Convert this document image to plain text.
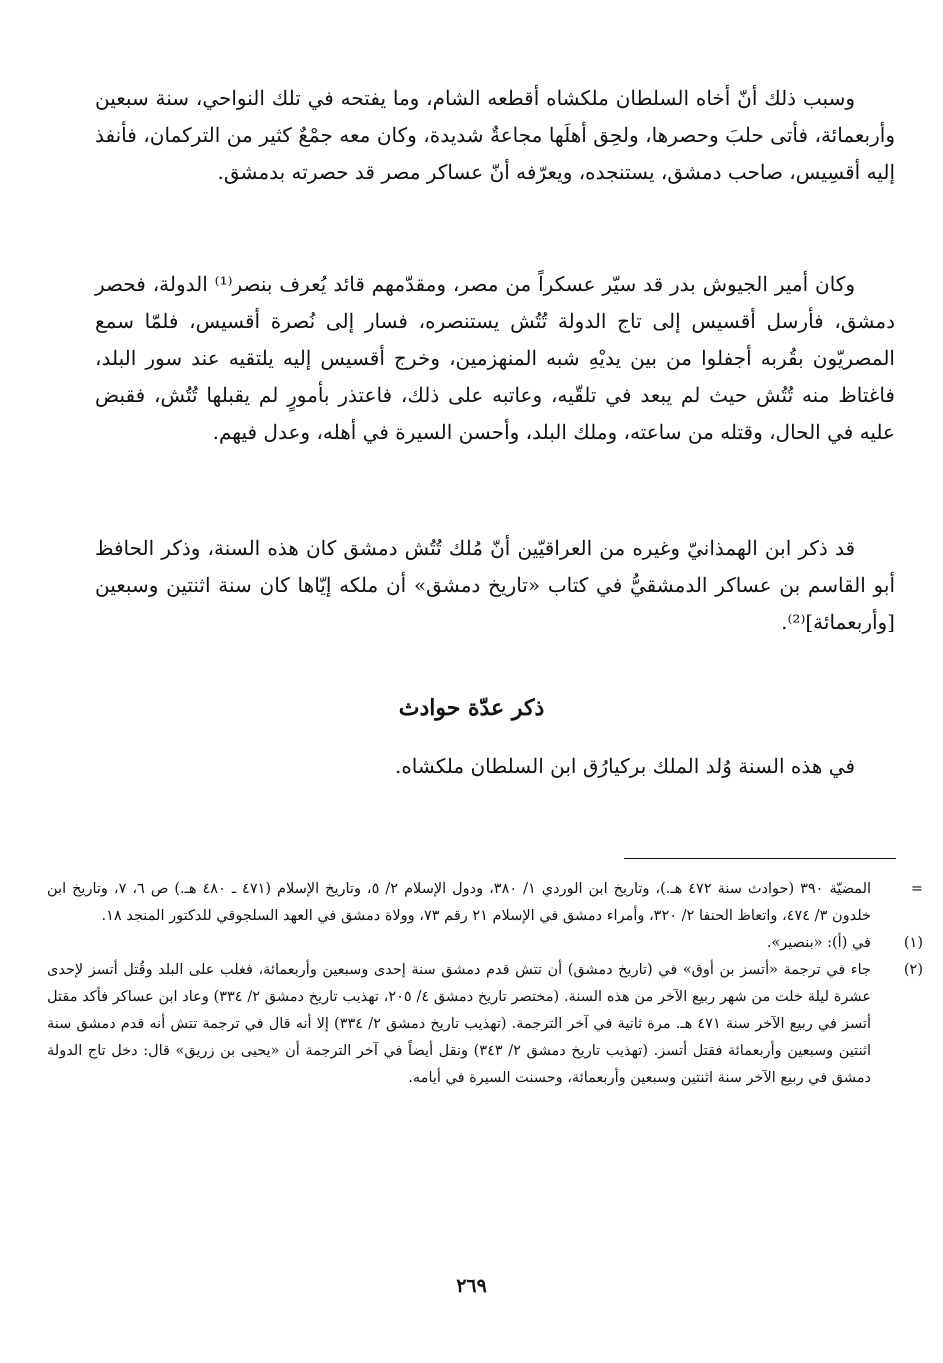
وسبب ذلك أنّ أخاه السلطان ملكشاه أقطعه الشام، وما يفتحه في تلك النواحي، سنة سبعين وأربعمائة، فأتى حلبَ وحصرها، ولحِق أهلَها مجاعةٌ شديدة، وكان معه جمْعٌ كثير من التركمان، فأنفذ إليه أقسِيس، صاحب دمشق، يستنجده، ويعرّفه أنّ عساكر مصر قد حصرته بدمشق.

وكان أمير الجيوش بدر قد سيّر عسكراً من مصر، ومقدّمهم قائد يُعرف بنصر⁽¹⁾ الدولة، فحصر دمشق، فأرسل أقسيس إلى تاج الدولة تُتُش يستنصره، فسار إلى نُصرة أقسيس، فلمّا سمع المصريّون بقُربه أجفلوا من بين يديْهِ شبه المنهزمين، وخرج أقسيس إليه يلتقيه عند سور البلد، فاغتاظ منه تُتُش حيث لم يبعد في تلقّيه، وعاتبه على ذلك، فاعتذر بأمورٍ لم يقبلها تُتُش، فقبض عليه في الحال، وقتله من ساعته، وملك البلد، وأحسن السيرة في أهله، وعدل فيهم.

قد ذكر ابن الهمذانيّ وغيره من العراقيّين أنّ مُلك تُتُش دمشق كان هذه السنة، وذكر الحافظ أبو القاسم بن عساكر الدمشقيُّ في كتاب «تاريخ دمشق» أن ملكه إيّاها كان سنة اثنتين وسبعين [وأربعمائة]⁽²⁾.

ذكر عدّة حوادث

في هذه السنة وُلد الملك بركيارُق ابن السلطان ملكشاه.

=
المضيّة ٣٩٠ (حوادث سنة ٤٧٢ هـ.)، وتاريخ ابن الوردي ١/ ٣٨٠، ودول الإسلام ٢/ ٥، وتاريخ الإسلام (٤٧١ ـ ٤٨٠ هـ.) ص ٦، ٧، وتاريخ ابن خلدون ٣/ ٤٧٤، واتعاظ الحنفا ٢/ ٣٢٠، وأمراء دمشق في الإسلام ٢١ رقم ٧٣، وولاة دمشق في العهد السلجوقي للدكتور المنجد ١٨.
(١)
في (أ): «بنصير».
(٢)
جاء في ترجمة «أتسز بن أوق» في (تاريخ دمشق) أن تتش قدم دمشق سنة إحدى وسبعين وأربعمائة، فغلب على البلد وقُتل أتسز لإحدى عشرة ليلة خلت من شهر ربيع الآخر من هذه السنة. (مختصر تاريخ دمشق ٤/ ٢٠٥، تهذيب تاريخ دمشق ٢/ ٣٣٤) وعاد ابن عساكر فأكد مقتل أتسز في ربيع الآخر سنة ٤٧١ هـ. مرة ثانية في آخر الترجمة. (تهذيب تاريخ دمشق ٢/ ٣٣٤) إلا أنه قال في ترجمة تتش أنه قدم دمشق سنة اثنتين وسبعين وأربعمائة فقتل أتسز. (تهذيب تاريخ دمشق ٢/ ٣٤٣) ونقل أيضاً في آخر الترجمة أن «يحيى بن زريق» قال: دخل تاج الدولة دمشق في ربيع الآخر سنة اثنتين وسبعين وأربعمائة، وحسنت السيرة في أيامه.
٢٦٩
